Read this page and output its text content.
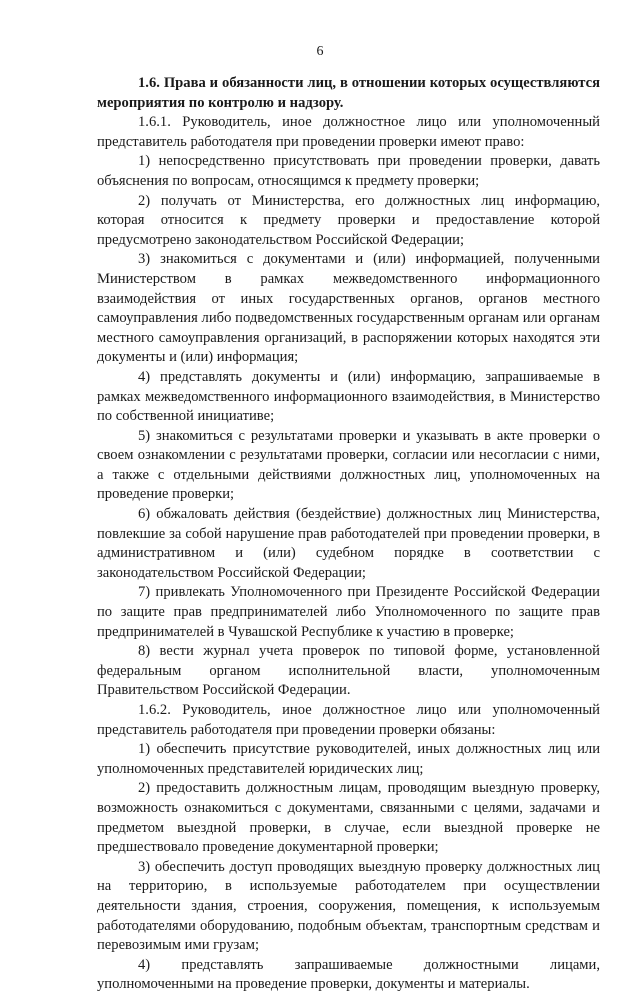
6

1.6. Права и обязанности лиц, в отношении которых осуществляются мероприятия по контролю и надзору.

1.6.1. Руководитель, иное должностное лицо или уполномоченный представитель работодателя при проведении проверки имеют право:

1) непосредственно присутствовать при проведении проверки, давать объяснения по вопросам, относящимся к предмету проверки;

2) получать от Министерства, его должностных лиц информацию, которая относится к предмету проверки и предоставление которой предусмотрено законодательством Российской Федерации;

3) знакомиться с документами и (или) информацией, полученными Министерством в рамках межведомственного информационного взаимодействия от иных государственных органов, органов местного самоуправления либо подведомственных государственным органам или органам местного самоуправления организаций, в распоряжении которых находятся эти документы и (или) информация;

4) представлять документы и (или) информацию, запрашиваемые в рамках межведомственного информационного взаимодействия, в Министерство по собственной инициативе;

5) знакомиться с результатами проверки и указывать в акте проверки о своем ознакомлении с результатами проверки, согласии или несогласии с ними, а также с отдельными действиями должностных лиц, уполномоченных на проведение проверки;

6) обжаловать действия (бездействие) должностных лиц Министерства, повлекшие за собой нарушение прав работодателей при проведении проверки, в административном и (или) судебном порядке в соответствии с законодательством Российской Федерации;

7) привлекать Уполномоченного при Президенте Российской Федерации по защите прав предпринимателей либо Уполномоченного по защите прав предпринимателей в Чувашской Республике к участию в проверке;

8) вести журнал учета проверок по типовой форме, установленной федеральным органом исполнительной власти, уполномоченным Правительством Российской Федерации.

1.6.2. Руководитель, иное должностное лицо или уполномоченный представитель работодателя при проведении проверки обязаны:

1) обеспечить присутствие руководителей, иных должностных лиц или уполномоченных представителей юридических лиц;

2) предоставить должностным лицам, проводящим выездную проверку, возможность ознакомиться с документами, связанными с целями, задачами и предметом выездной проверки, в случае, если выездной проверке не предшествовало проведение документарной проверки;

3) обеспечить доступ проводящих выездную проверку должностных лиц на территорию, в используемые работодателем при осуществлении деятельности здания, строения, сооружения, помещения, к используемым работодателями оборудованию, подобным объектам, транспортным средствам и перевозимым ими грузам;

4) представлять запрашиваемые должностными лицами, уполномоченными на проведение проверки, документы и материалы.
